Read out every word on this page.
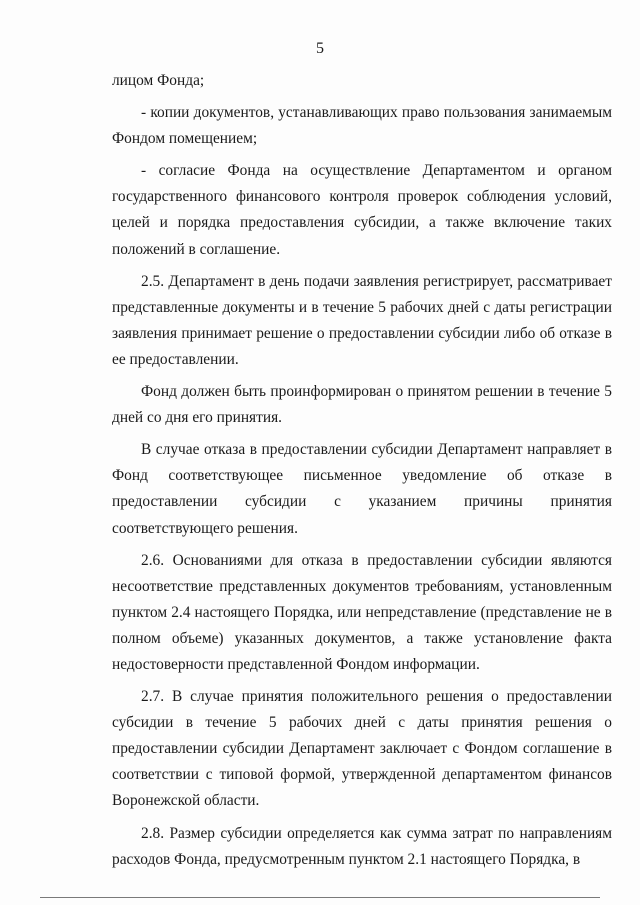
5

лицом Фонда;

- копии документов, устанавливающих право пользования занимаемым Фондом помещением;

- согласие Фонда на осуществление Департаментом и органом государственного финансового контроля проверок соблюдения условий, целей и порядка предоставления субсидии, а также включение таких положений в соглашение.

2.5. Департамент в день подачи заявления регистрирует, рассматривает представленные документы и в течение 5 рабочих дней с даты регистрации заявления принимает решение о предоставлении субсидии либо об отказе в ее предоставлении.

Фонд должен быть проинформирован о принятом решении в течение 5 дней со дня его принятия.

В случае отказа в предоставлении субсидии Департамент направляет в Фонд соответствующее письменное уведомление об отказе в предоставлении субсидии с указанием причины принятия соответствующего решения.

2.6. Основаниями для отказа в предоставлении субсидии являются несоответствие представленных документов требованиям, установленным пунктом 2.4 настоящего Порядка, или непредставление (представление не в полном объеме) указанных документов, а также установление факта недостоверности представленной Фондом информации.

2.7. В случае принятия положительного решения о предоставлении субсидии в течение 5 рабочих дней с даты принятия решения о предоставлении субсидии Департамент заключает с Фондом соглашение в соответствии с типовой формой, утвержденной департаментом финансов Воронежской области.

2.8. Размер субсидии определяется как сумма затрат по направлениям расходов Фонда, предусмотренным пунктом 2.1 настоящего Порядка, в
